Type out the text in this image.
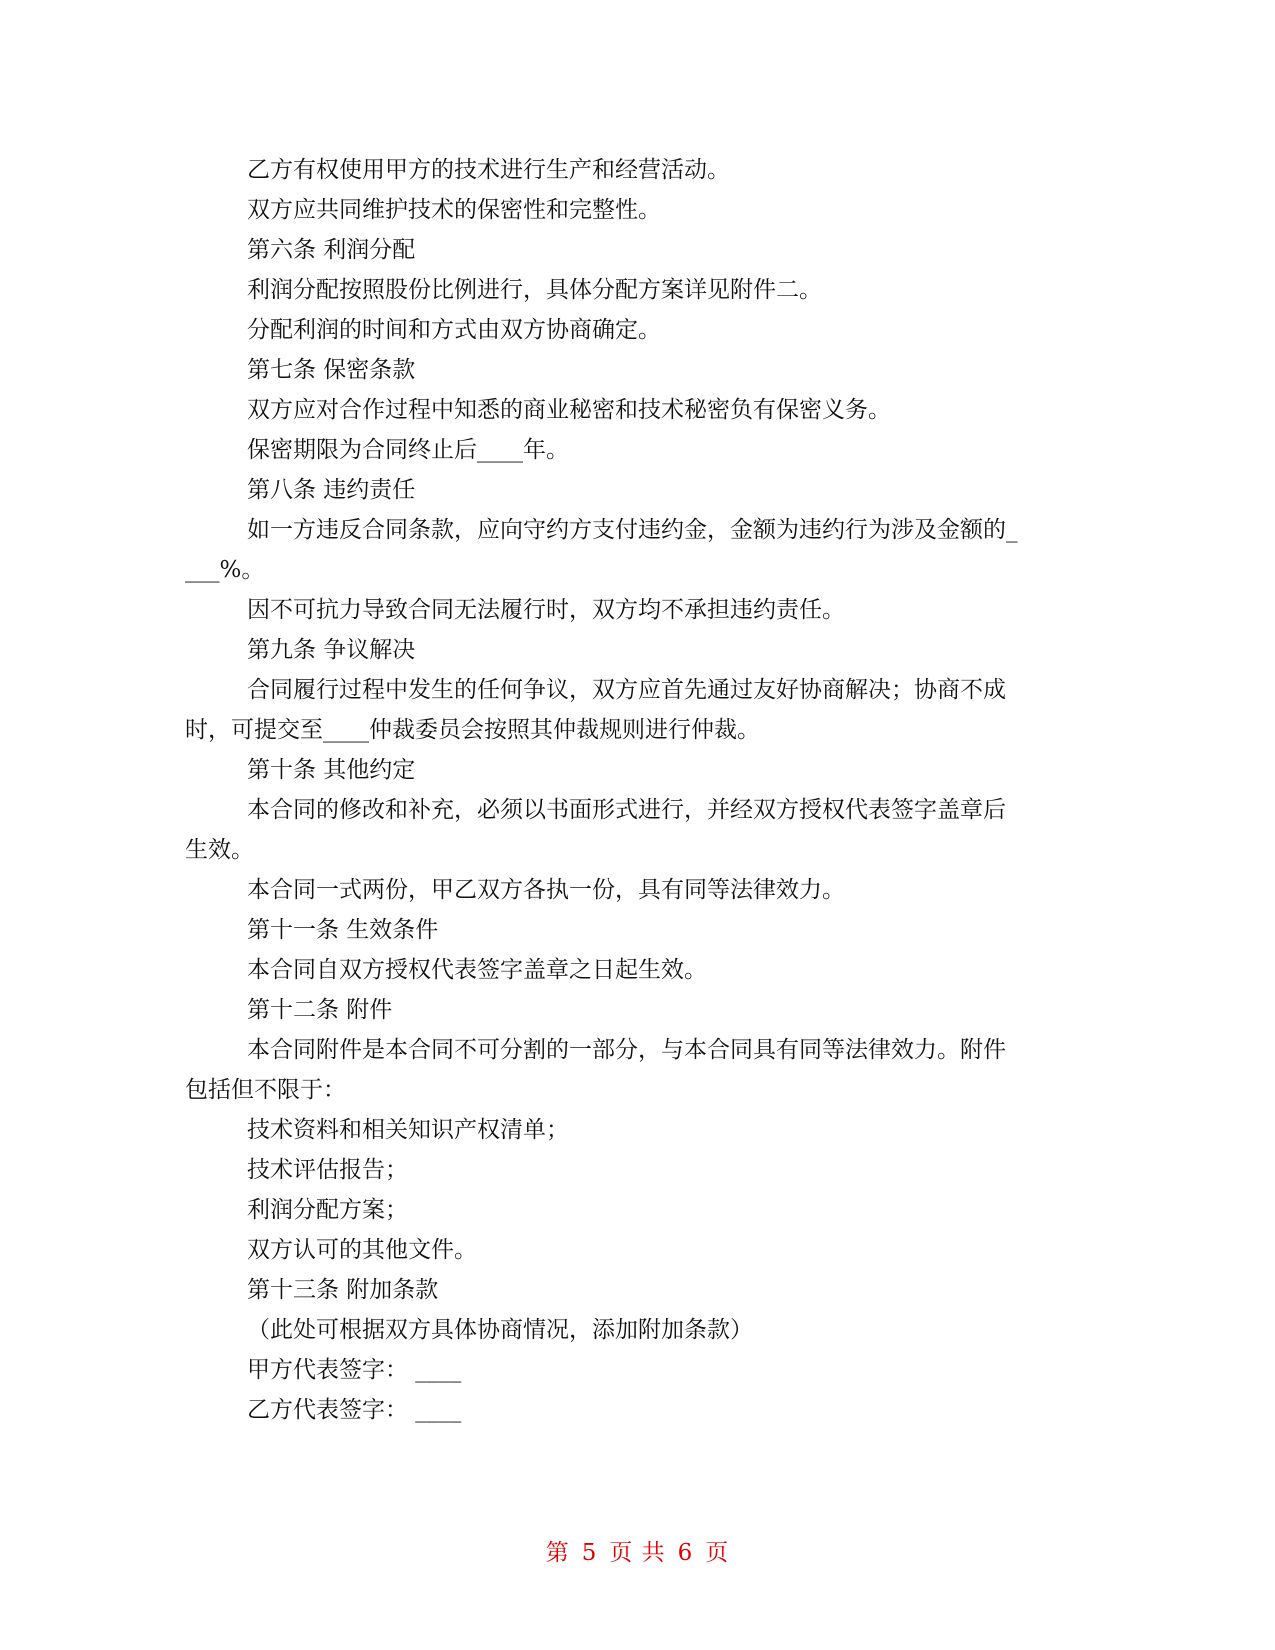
乙方有权使用甲方的技术进行生产和经营活动。
双方应共同维护技术的保密性和完整性。
第六条 利润分配
利润分配按照股份比例进行，具体分配方案详见附件二。
分配利润的时间和方式由双方协商确定。
第七条 保密条款
双方应对合作过程中知悉的商业秘密和技术秘密负有保密义务。
保密期限为合同终止后____年。
第八条 违约责任
如一方违反合同条款，应向守约方支付违约金，金额为违约行为涉及金额的_
___%。
因不可抗力导致合同无法履行时，双方均不承担违约责任。
第九条 争议解决
合同履行过程中发生的任何争议，双方应首先通过友好协商解决；协商不成
时，可提交至____仲裁委员会按照其仲裁规则进行仲裁。
第十条 其他约定
本合同的修改和补充，必须以书面形式进行，并经双方授权代表签字盖章后
生效。
本合同一式两份，甲乙双方各执一份，具有同等法律效力。
第十一条 生效条件
本合同自双方授权代表签字盖章之日起生效。
第十二条 附件
本合同附件是本合同不可分割的一部分，与本合同具有同等法律效力。附件
包括但不限于：
技术资料和相关知识产权清单；
技术评估报告；
利润分配方案；
双方认可的其他文件。
第十三条 附加条款
（此处可根据双方具体协商情况，添加附加条款）
甲方代表签字： ____
乙方代表签字： ____
第 5 页 共 6 页
